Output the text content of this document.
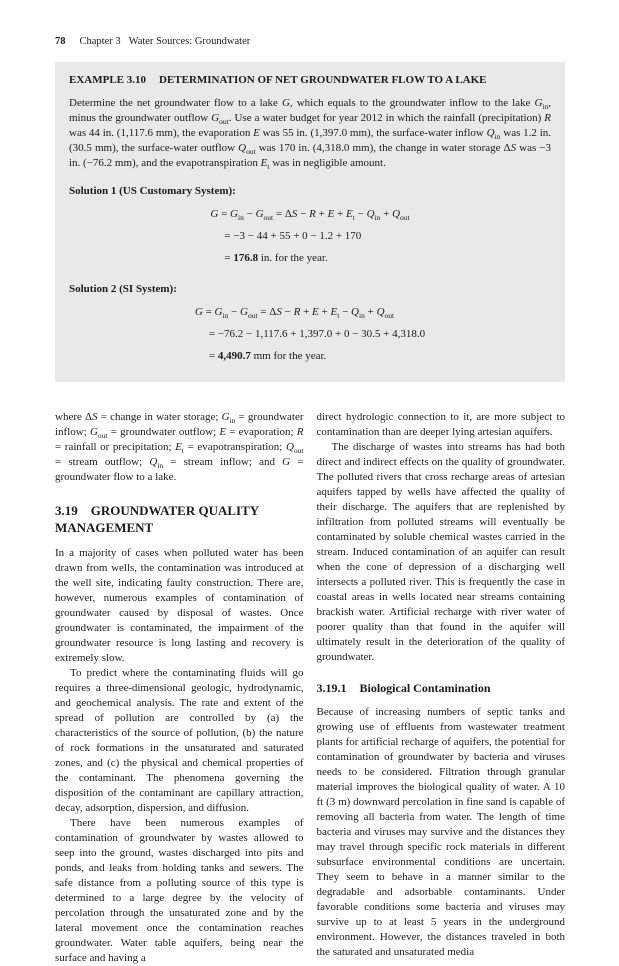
78 Chapter 3 Water Sources: Groundwater
EXAMPLE 3.10 DETERMINATION OF NET GROUNDWATER FLOW TO A LAKE

Determine the net groundwater flow to a lake G, which equals to the groundwater inflow to the lake $G_{in}$, minus the groundwater outflow $G_{out}$. Use a water budget for year 2012 in which the rainfall (precipitation) R was 44 in. (1,117.6 mm), the evaporation E was 55 in. (1,397.0 mm), the surface-water inflow $Q_{in}$ was 1.2 in. (30.5 mm), the surface-water outflow $Q_{out}$ was 170 in. (4,318.0 mm), the change in water storage ΔS was −3 in. (−76.2 mm), and the evapotranspiration $E_t$ was in negligible amount.

Solution 1 (US Customary System):

$G = G_{in} - G_{out} = \Delta S - R + E + E_t - Q_{in} + Q_{out}$
= −3 − 44 + 55 + 0 − 1.2 + 170
= 176.8 in. for the year.

Solution 2 (SI System):

$G = G_{in} - G_{out} = \Delta S - R + E + E_t - Q_{in} + Q_{out}$
= −76.2 − 1,117.6 + 1,397.0 + 0 − 30.5 + 4,318.0
= 4,490.7 mm for the year.

where ΔS = change in water storage; $G_{in}$ = groundwater inflow; $G_{out}$ = groundwater outflow; E = evaporation; R = rainfall or precipitation; $E_t$ = evapotranspiration; $Q_{out}$ = stream outflow; $Q_{in}$ = stream inflow; and G = groundwater flow to a lake.

3.19 GROUNDWATER QUALITY MANAGEMENT

In a majority of cases when polluted water has been drawn from wells, the contamination was introduced at the well site, indicating faulty construction. There are, however, numerous examples of contamination of groundwater caused by disposal of wastes. Once groundwater is contaminated, the impairment of the groundwater resource is long lasting and recovery is extremely slow.

To predict where the contaminating fluids will go requires a three-dimensional geologic, hydrodynamic, and geochemical analysis. The rate and extent of the spread of pollution are controlled by (a) the characteristics of the source of pollution, (b) the nature of rock formations in the unsaturated and saturated zones, and (c) the physical and chemical properties of the contaminant. The phenomena governing the disposition of the contaminant are capillary attraction, decay, adsorption, dispersion, and diffusion.

There have been numerous examples of contamination of groundwater by wastes allowed to seep into the ground, wastes discharged into pits and ponds, and leaks from holding tanks and sewers. The safe distance from a polluting source of this type is determined to a large degree by the velocity of percolation through the unsaturated zone and by the lateral movement once the contamination reaches groundwater. Water table aquifers, being near the surface and having a

direct hydrologic connection to it, are more subject to contamination than are deeper lying artesian aquifers.

The discharge of wastes into streams has had both direct and indirect effects on the quality of groundwater. The polluted rivers that cross recharge areas of artesian aquifers tapped by wells have affected the quality of their discharge. The aquifers that are replenished by infiltration from polluted streams will eventually be contaminated by soluble chemical wastes carried in the stream. Induced contamination of an aquifer can result when the cone of depression of a discharging well intersects a polluted river. This is frequently the case in coastal areas in wells located near streams containing brackish water. Artificial recharge with river water of poorer quality than that found in the aquifer will ultimately result in the deterioration of the quality of groundwater.

3.19.1 Biological Contamination

Because of increasing numbers of septic tanks and growing use of effluents from wastewater treatment plants for artificial recharge of aquifers, the potential for contamination of groundwater by bacteria and viruses needs to be considered. Filtration through granular material improves the biological quality of water. A 10 ft (3 m) downward percolation in fine sand is capable of removing all bacteria from water. The length of time bacteria and viruses may survive and the distances they may travel through specific rock materials in different subsurface environmental conditions are uncertain. They seem to behave in a manner similar to the degradable and adsorbable contaminants. Under favorable conditions some bacteria and viruses may survive up to at least 5 years in the underground environment. However, the distances traveled in both the saturated and unsaturated media
